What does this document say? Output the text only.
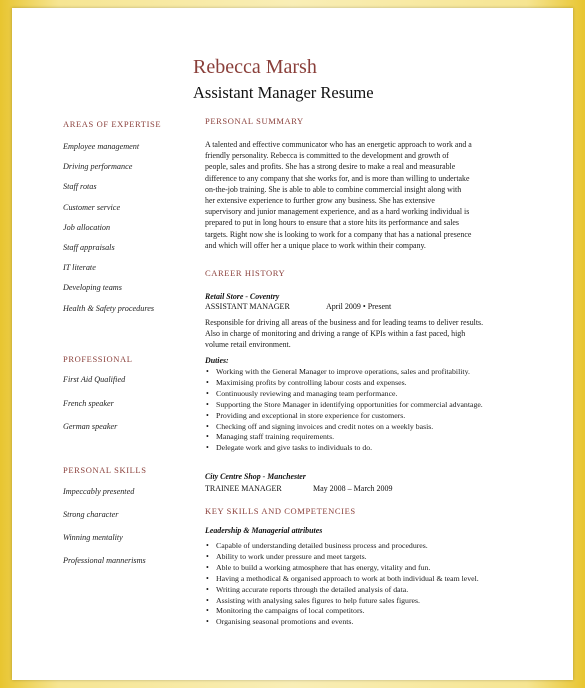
Rebecca Marsh
Assistant Manager Resume
AREAS OF EXPERTISE
Employee management
Driving performance
Staff rotas
Customer service
Job allocation
Staff appraisals
IT literate
Developing teams
Health & Safety procedures
PROFESSIONAL
First Aid Qualified
French speaker
German speaker
PERSONAL SKILLS
Impeccably presented
Strong character
Winning mentality
Professional mannerisms
PERSONAL SUMMARY

A talented and effective communicator who has an energetic approach to work and a
friendly personality. Rebecca is committed to the development and growth of
people, sales and profits. She has a strong desire to make a real and measurable
difference to any company that she works for, and is more than willing to undertake
on-the-job training. She is able to able to combine commercial insight along with
her extensive experience to further grow any business. She has extensive
supervisory and junior management experience, and as a hard working individual is
prepared to put in long hours to ensure that a store hits its performance and sales
targets. Right now she is looking to work for a company that has a national presence
and which will offer her a unique place to work within their company.

CAREER HISTORY
Retail Store - Coventry
ASSISTANT MANAGER	April 2009 • Present

Responsible for driving all areas of the business and for leading teams to deliver results.
Also in charge of monitoring and driving a range of KPIs within a fast paced, high
volume retail environment.

Duties:
• Working with the General Manager to improve operations, sales and profitability.
• Maximising profits by controlling labour costs and expenses.
• Continuously reviewing and managing team performance.
• Supporting the Store Manager in identifying opportunities for commercial advantage.
• Providing and exceptional in store experience for customers.
• Checking off and signing invoices and credit notes on a weekly basis.
• Managing staff training requirements.
• Delegate work and give tasks to individuals to do.
City Centre Shop - Manchester
TRAINEE MANAGER	May 2008 – March 2009
KEY SKILLS AND COMPETENCIES
Leadership & Managerial attributes
• Capable of understanding detailed business process and procedures.
• Ability to work under pressure and meet targets.
• Able to build a working atmosphere that has energy, vitality and fun.
• Having a methodical & organised approach to work at both individual & team level.
• Writing accurate reports through the detailed analysis of data.
• Assisting with analysing sales figures to help future sales figures.
• Monitoring the campaigns of local competitors.
• Organising seasonal promotions and events.
